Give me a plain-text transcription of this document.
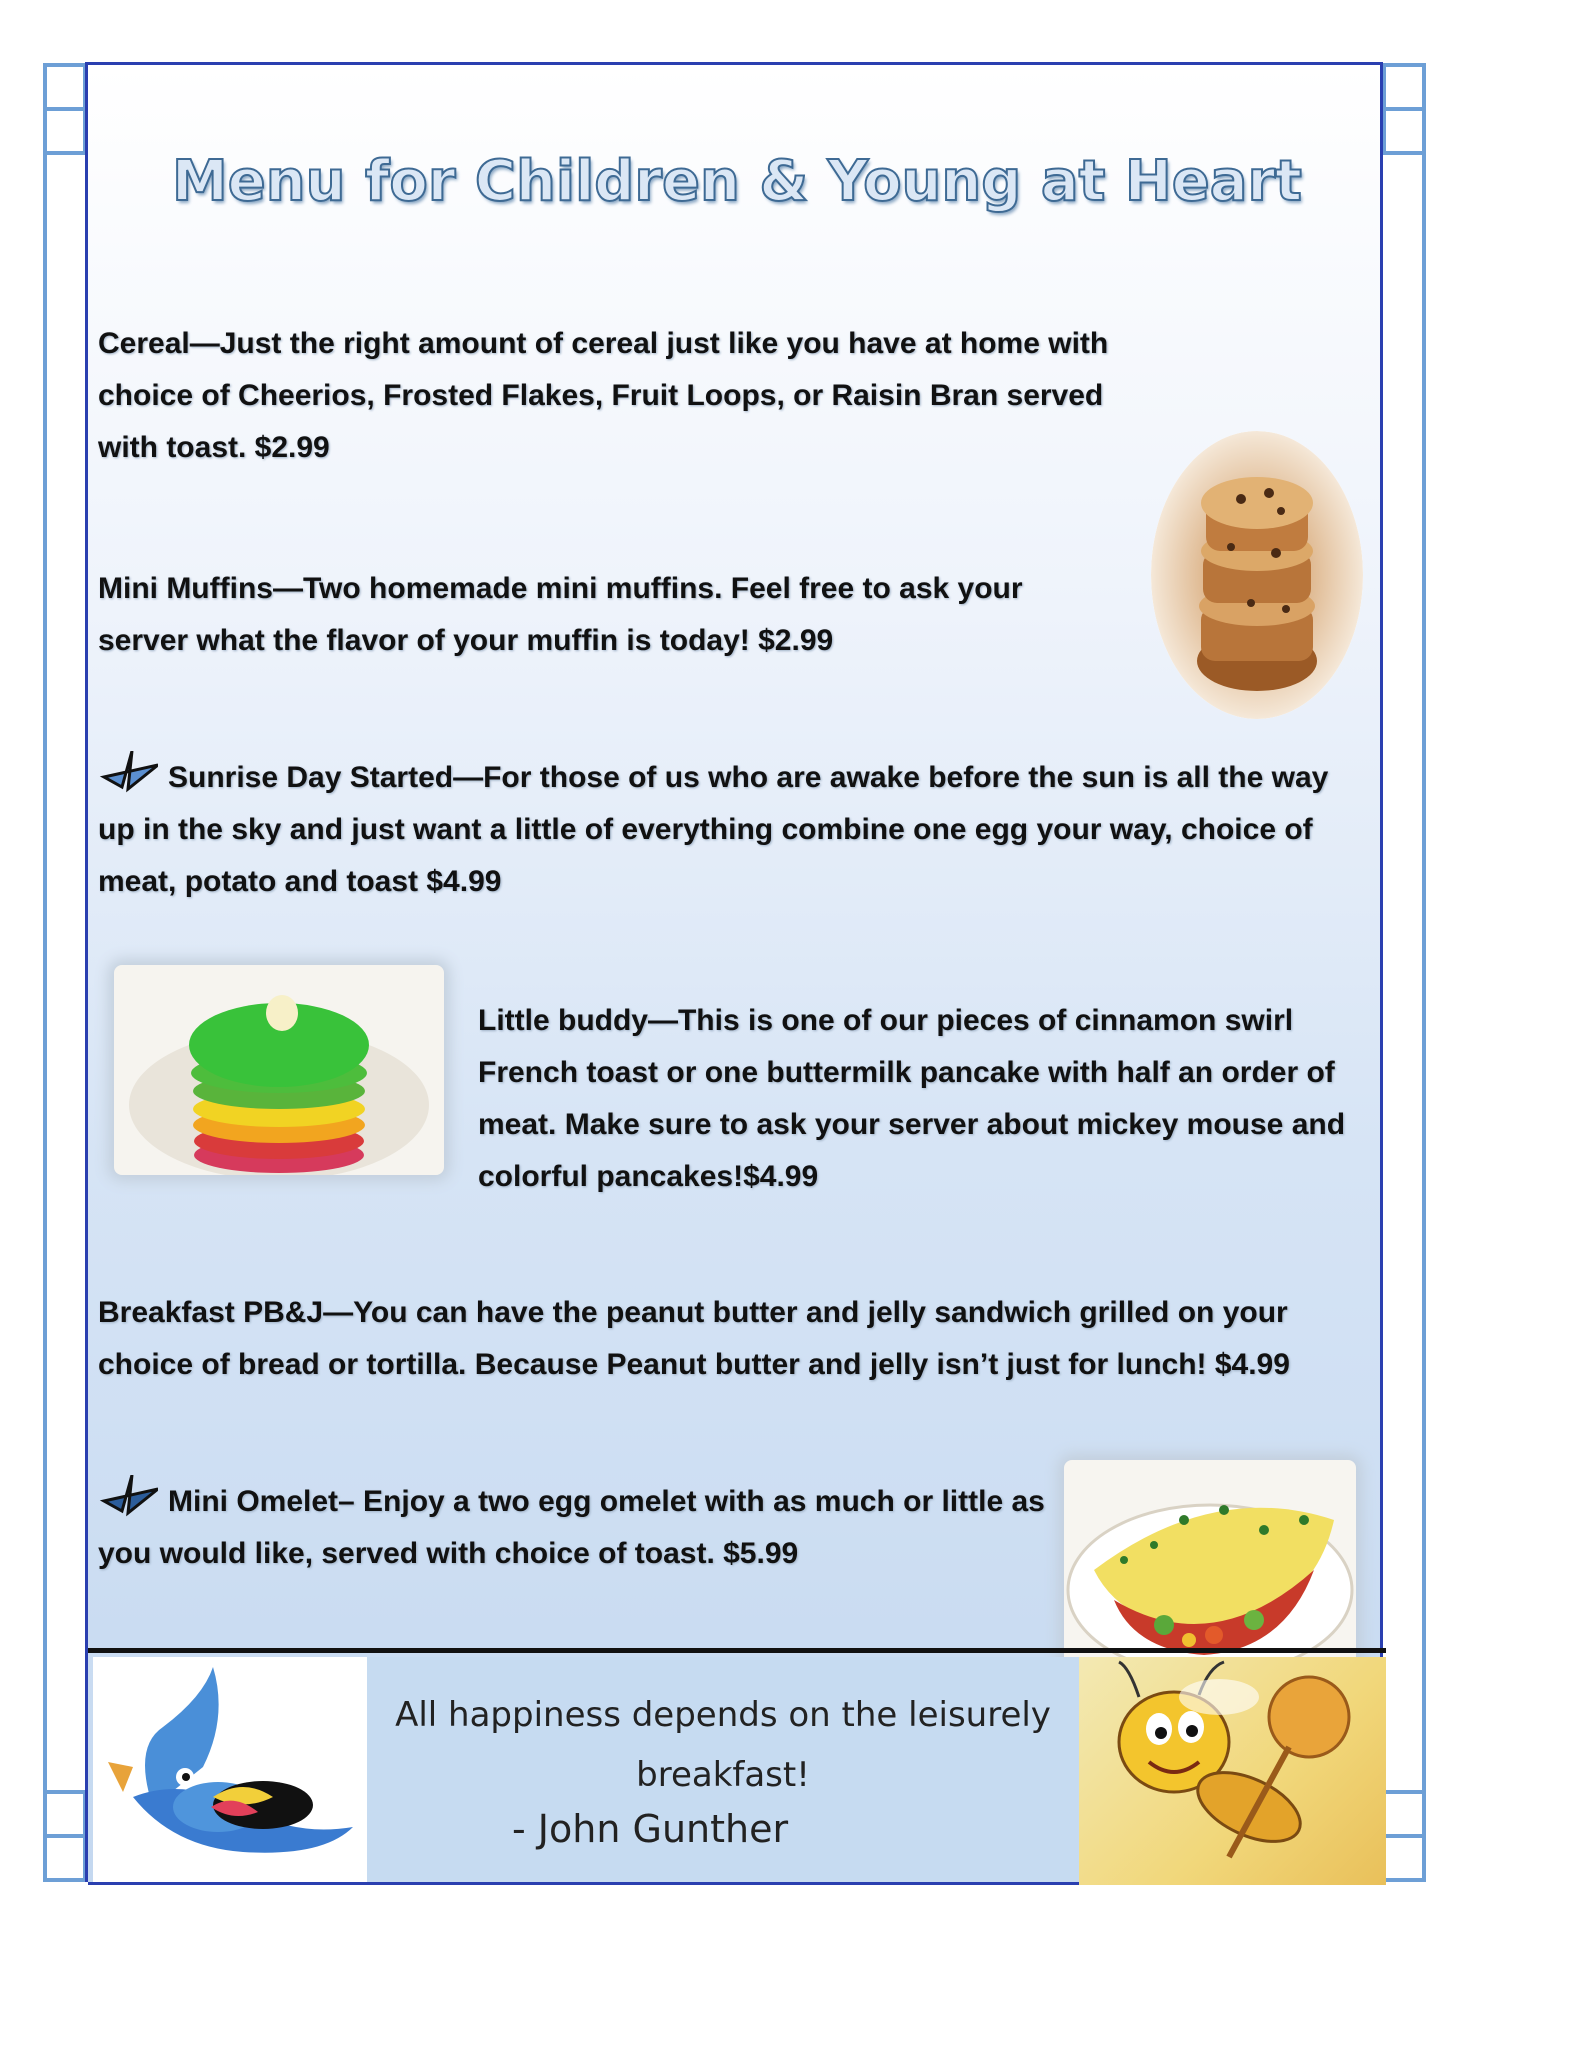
Menu for Children & Young at Heart

Cereal—Just the right amount of cereal just like you have at home with choice of Cheerios, Frosted Flakes, Fruit Loops, or Raisin Bran served with toast. $2.99

Mini Muffins—Two homemade mini muffins. Feel free to ask your server what the flavor of your muffin is today! $2.99

Sunrise Day Started—For those of us who are awake before the sun is all the way up in the sky and just want a little of everything combine one egg your way, choice of meat, potato and toast $4.99

Little buddy—This is one of our pieces of cinnamon swirl French toast or one buttermilk pancake with half an order of meat. Make sure to ask your server about mickey mouse and colorful pancakes!$4.99

Breakfast PB&J—You can have the peanut butter and jelly sandwich grilled on your choice of bread or tortilla. Because Peanut butter and jelly isn’t just for lunch! $4.99

Mini Omelet– Enjoy a two egg omelet with as much or little as you would like, served with choice of toast. $5.99

All happiness depends on the leisurely breakfast!
- John Gunther
